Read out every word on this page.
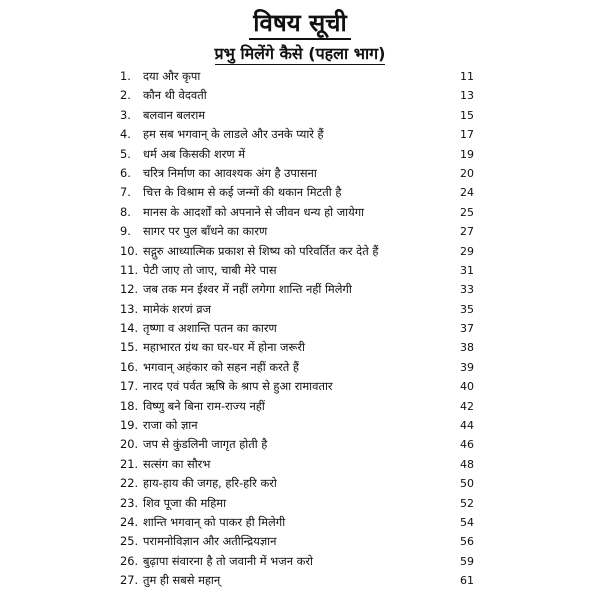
विषय सूची
प्रभु मिलेंगे कैसे (पहला भाग)
1. दया और कृपा	11
2. कौन थी वेदवती	13
3. बलवान बलराम	15
4. हम सब भगवान् के लाडले और उनके प्यारे हैं	17
5. धर्म अब किसकी शरण में	19
6. चरित्र निर्माण का आवश्यक अंग है उपासना	20
7. चित्त के विश्राम से कई जन्मों की थकान मिटती है	24
8. मानस के आदर्शों को अपनाने से जीवन धन्य हो जायेगा	25
9. सागर पर पुल बाँधने का कारण	27
10. सद्गुरु आध्यात्मिक प्रकाश से शिष्य को परिवर्तित कर देते हैं	29
11. पेटी जाए तो जाए, चाबी मेरे पास	31
12. जब तक मन ईश्वर में नहीं लगेगा शान्ति नहीं मिलेगी	33
13. मामेकं शरणं व्रज	35
14. तृष्णा व अशान्ति पतन का कारण	37
15. महाभारत ग्रंथ का घर-घर में होना जरूरी	38
16. भगवान् अहंकार को सहन नहीं करते हैं	39
17. नारद एवं पर्वत ऋषि के श्राप से हुआ रामावतार	40
18. विष्णु बने बिना राम-राज्य नहीं	42
19. राजा को ज्ञान	44
20. जप से कुंडलिनी जागृत होती है	46
21. सत्संग का सौरभ	48
22. हाय-हाय की जगह, हरि-हरि करो	50
23. शिव पूजा की महिमा	52
24. शान्ति भगवान् को पाकर ही मिलेगी	54
25. परामनोविज्ञान और अतीन्द्रियज्ञान	56
26. बुढ़ापा संवारना है तो जवानी में भजन करो	59
27. तुम ही सबसे महान्	61
